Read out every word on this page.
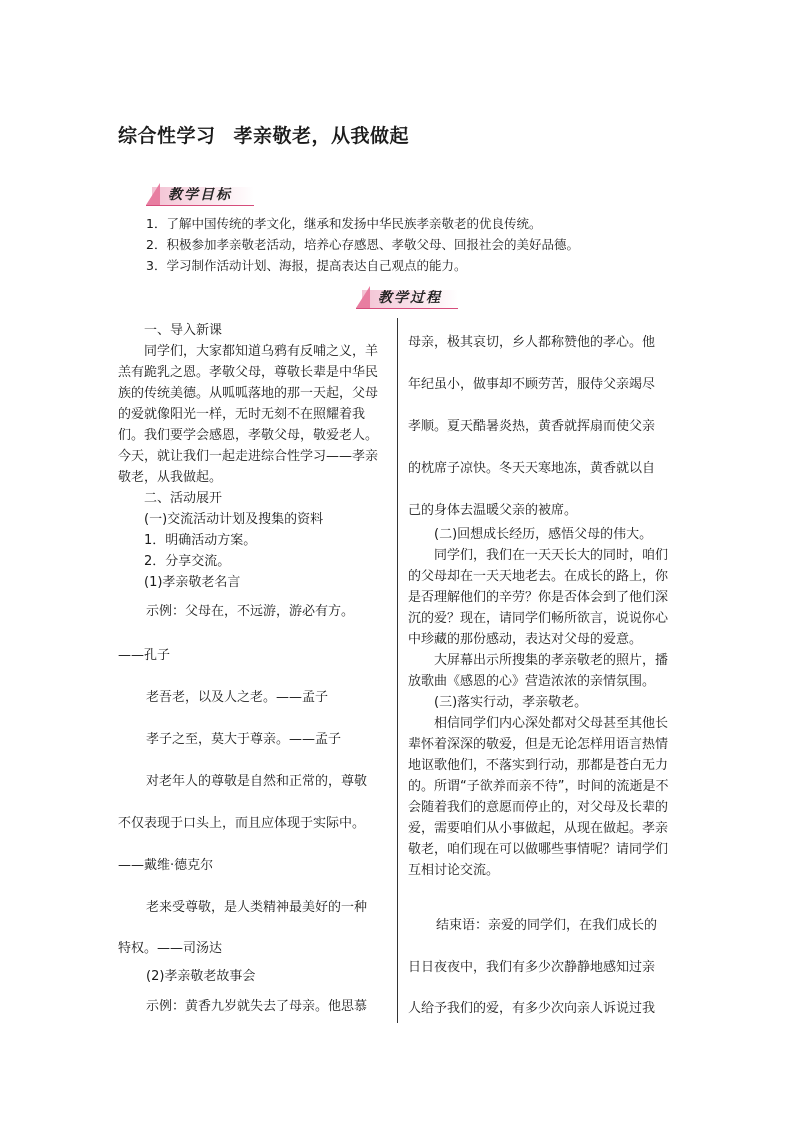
综合性学习 孝亲敬老，从我做起
教学目标
1．了解中国传统的孝文化，继承和发扬中华民族孝亲敬老的优良传统。
2．积极参加孝亲敬老活动，培养心存感恩、孝敬父母、回报社会的美好品德。
3．学习制作活动计划、海报，提高表达自己观点的能力。
教学过程

一、导入新课

同学们，大家都知道乌鸦有反哺之义，羊羔有跪乳之恩。孝敬父母，尊敬长辈是中华民族的传统美德。从呱呱落地的那一天起，父母的爱就像阳光一样，无时无刻不在照耀着我们。我们要学会感恩，孝敬父母，敬爱老人。今天，就让我们一起走进综合性学习——孝亲敬老，从我做起。

二、活动展开

(一)交流活动计划及搜集的资料

1．明确活动方案。

2．分享交流。

(1)孝亲敬老名言

示例：父母在，不远游，游必有方。
——孔子
老吾老，以及人之老。——孟子
孝子之至，莫大于尊亲。——孟子
对老年人的尊敬是自然和正常的，尊敬
不仅表现于口头上，而且应体现于实际中。
——戴维·德克尔
老来受尊敬，是人类精神最美好的一种
特权。——司汤达
(2)孝亲敬老故事会
示例：黄香九岁就失去了母亲。他思慕
母亲，极其哀切，乡人都称赞他的孝心。他
年纪虽小，做事却不顾劳苦，服侍父亲竭尽
孝顺。夏天酷暑炎热，黄香就挥扇而使父亲
的枕席子凉快。冬天天寒地冻，黄香就以自
己的身体去温暖父亲的被席。

(二)回想成长经历，感悟父母的伟大。

同学们，我们在一天天长大的同时，咱们的父母却在一天天地老去。在成长的路上，你是否理解他们的辛劳？你是否体会到了他们深沉的爱？现在，请同学们畅所欲言，说说你心中珍藏的那份感动，表达对父母的爱意。

大屏幕出示所搜集的孝亲敬老的照片，播放歌曲《感恩的心》营造浓浓的亲情氛围。

(三)落实行动，孝亲敬老。

相信同学们内心深处都对父母甚至其他长辈怀着深深的敬爱，但是无论怎样用语言热情地讴歌他们，不落实到行动，那都是苍白无力的。所谓“子欲养而亲不待”，时间的流逝是不会随着我们的意愿而停止的，对父母及长辈的爱，需要咱们从小事做起，从现在做起。孝亲敬老，咱们现在可以做哪些事情呢？请同学们互相讨论交流。

结束语：亲爱的同学们，在我们成长的
日日夜夜中，我们有多少次静静地感知过亲
人给予我们的爱，有多少次向亲人诉说过我
